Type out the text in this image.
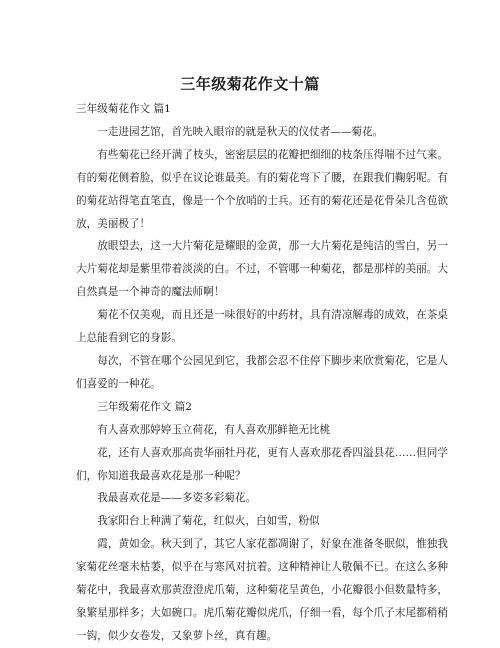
三年级菊花作文十篇

三年级菊花作文 篇1

一走进园艺馆，首先映入眼帘的就是秋天的仪仗者——菊花。

有些菊花已经开满了枝头，密密层层的花瓣把细细的枝条压得喘不过气来。有的菊花侧着脸，似乎在议论谁最美。有的菊花弯下了腰，在跟我们鞠躬呢。有的菊花站得笔直笔直，像是一个个放哨的士兵。还有的菊花还是花骨朵儿含苞欲放，美丽极了！

放眼望去，这一大片菊花是耀眼的金黄，那一大片菊花是纯洁的雪白，另一大片菊花却是紫里带着淡淡的白。不过，不管哪一种菊花，都是那样的美丽。大自然真是一个神奇的魔法师啊！

菊花不仅美观，而且还是一味很好的中药材，具有清凉解毒的成效，在茶桌上总能看到它的身影。

每次，不管在哪个公园见到它，我都会忍不住停下脚步来欣赏菊花，它是人们喜爱的一种花。

三年级菊花作文 篇2

有人喜欢那婷婷玉立荷花，有人喜欢那鲜艳无比桃

花，还有人喜欢那高贵华丽牡丹花，更有人喜欢那花香四溢县花……但同学们，你知道我最喜欢花是那一种呢？

我最喜欢花是——多姿多彩菊花。

我家阳台上种满了菊花，红似火，白如雪，粉似

霞，黄如金。秋天到了，其它人家花都凋谢了，好象在准备冬眠似，惟独我家菊花丝毫未枯萎，似乎在与寒风对抗着。这种精神让人敬佩不已。在这么多种菊花中，我最喜欢那黄澄澄虎爪菊，这种菊花呈黄色，小花瓣很小但数量特多，象繁星那样多；大如碗口。虎爪菊花瓣似虎爪，仔细一看，每个爪子末尾都稍稍一钩，似少女卷发，又象萝卜丝，真有趣。
